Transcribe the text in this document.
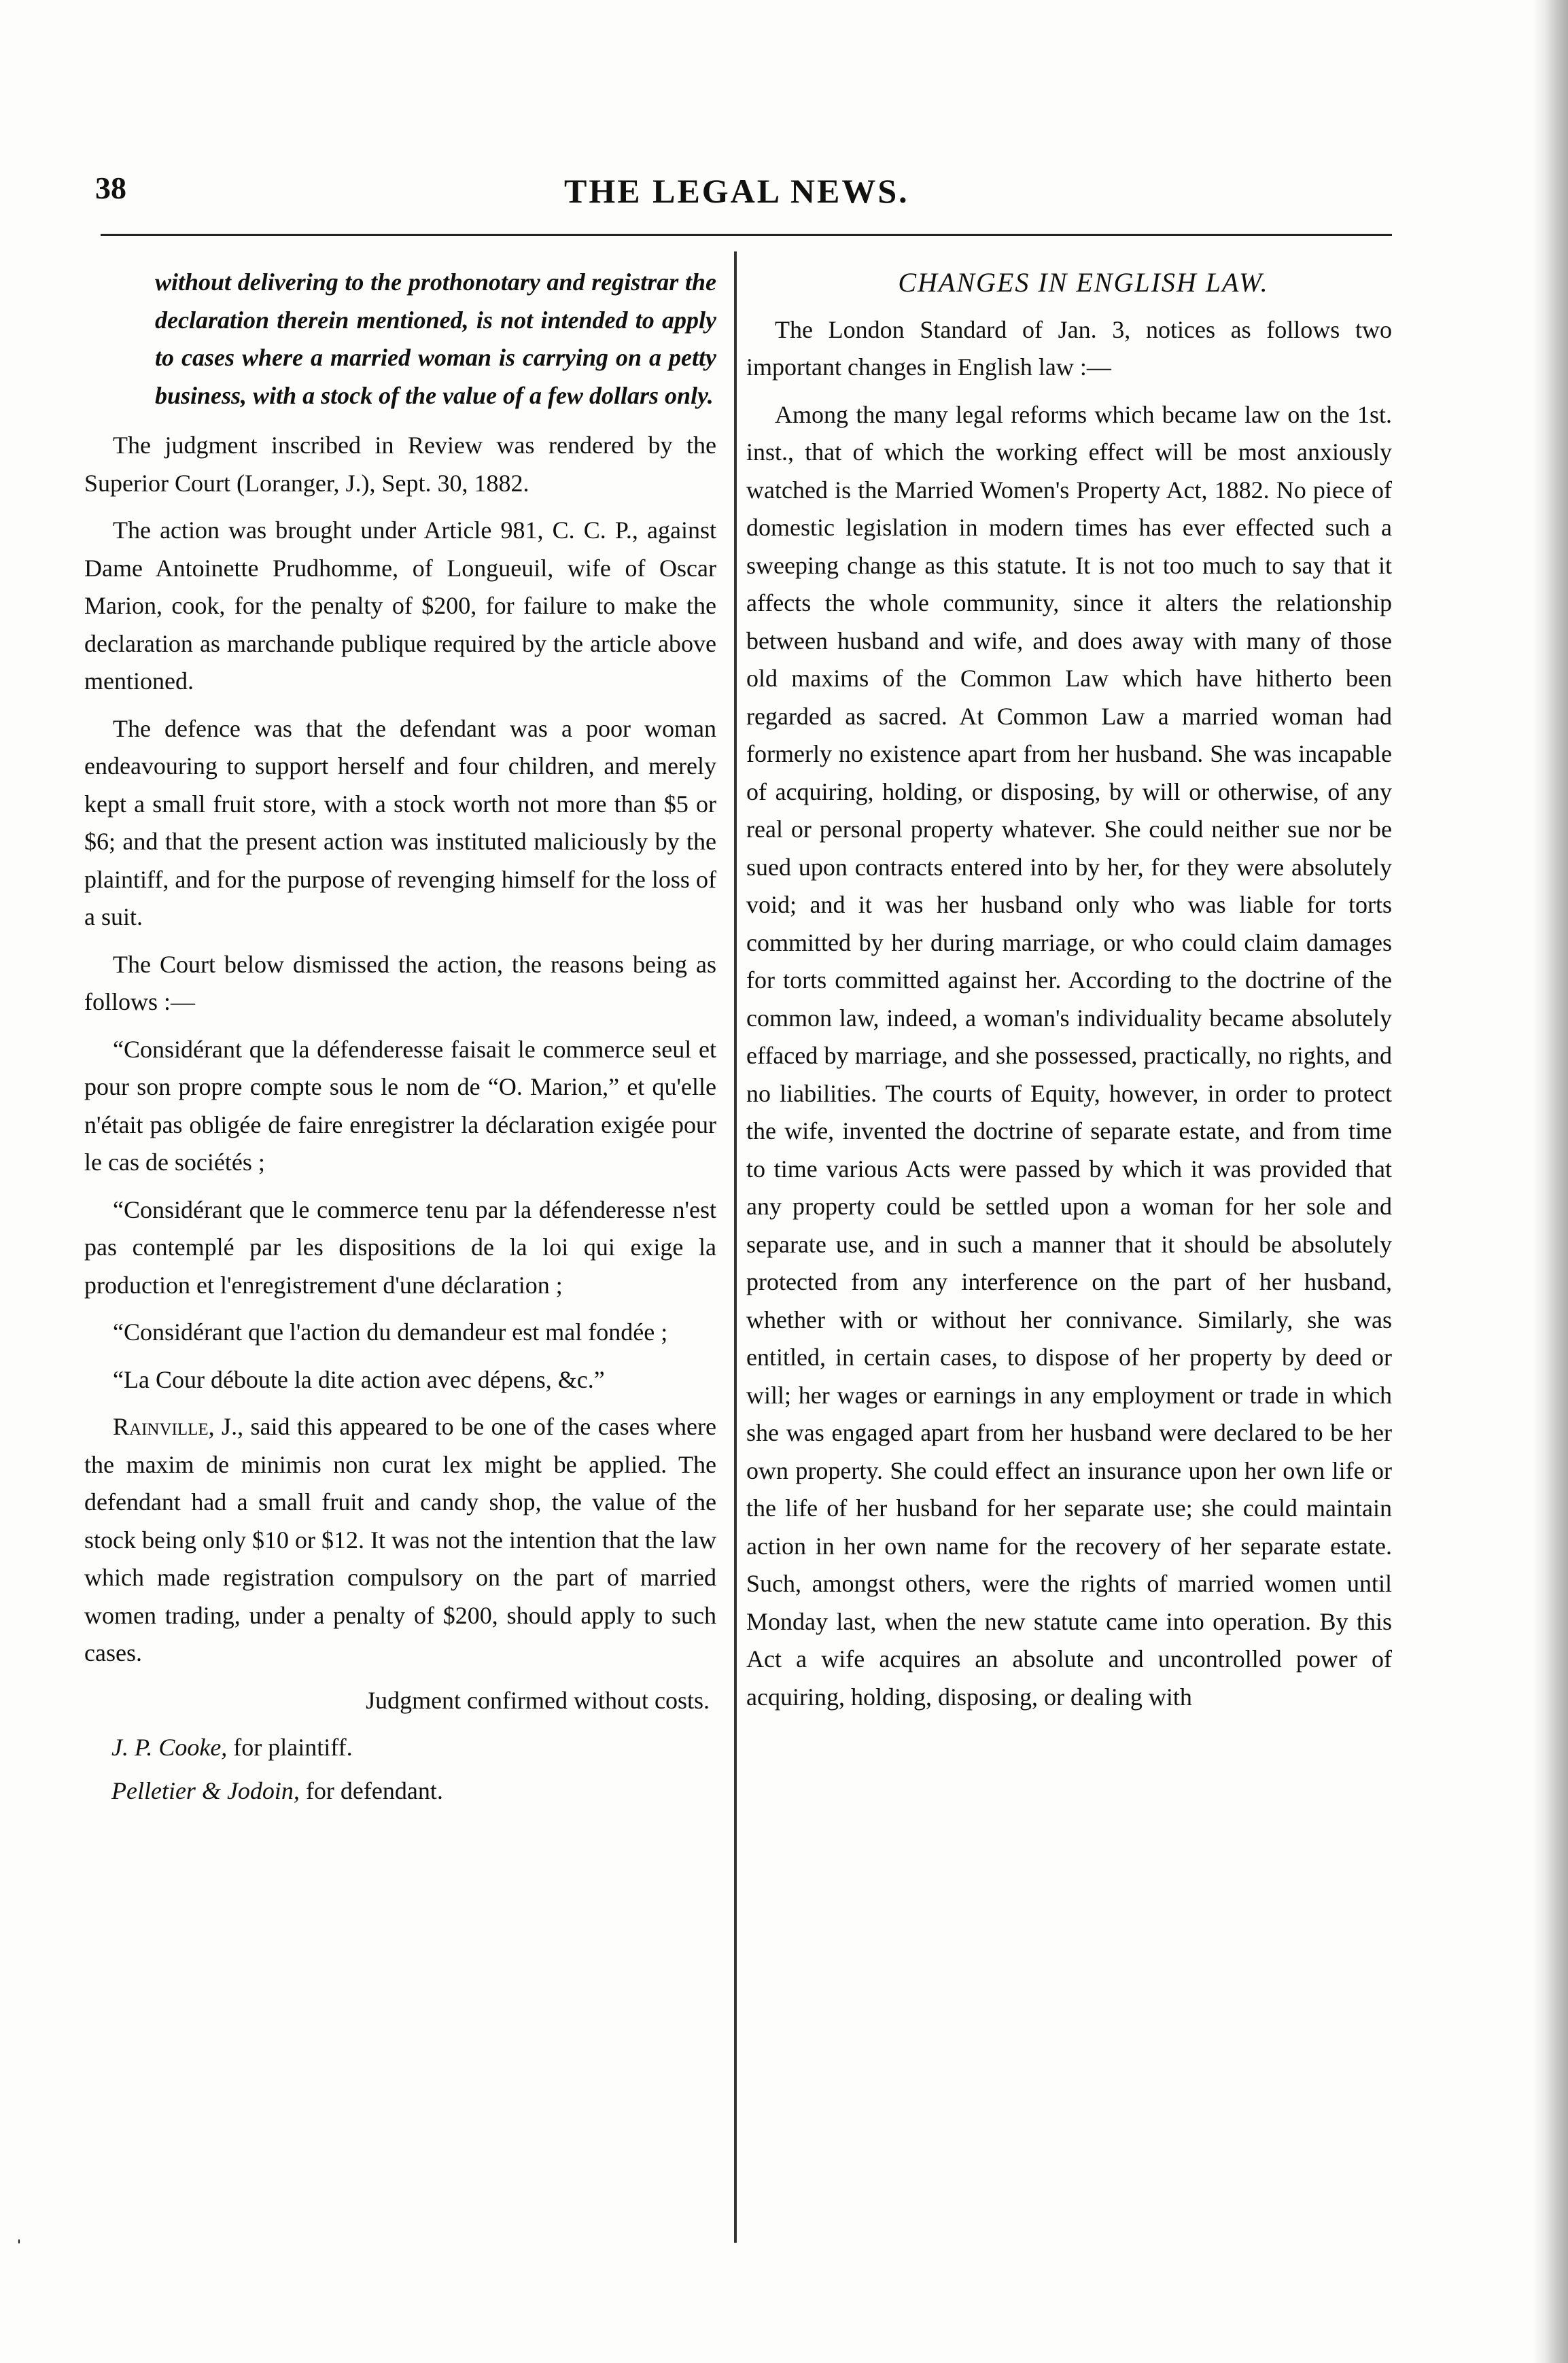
38	THE LEGAL NEWS.

without delivering to the prothonotary and registrar the declaration therein mentioned, is not intended to apply to cases where a married woman is carrying on a petty business, with a stock of the value of a few dollars only.

The judgment inscribed in Review was rendered by the Superior Court (Loranger, J.), Sept. 30, 1882.

The action was brought under Article 981, C. C. P., against Dame Antoinette Prudhomme, of Longueuil, wife of Oscar Marion, cook, for the penalty of $200, for failure to make the declaration as marchande publique required by the article above mentioned.

The defence was that the defendant was a poor woman endeavouring to support herself and four children, and merely kept a small fruit store, with a stock worth not more than $5 or $6; and that the present action was instituted maliciously by the plaintiff, and for the purpose of revenging himself for the loss of a suit.

The Court below dismissed the action, the reasons being as follows :—

“Considérant que la défenderesse faisait le commerce seul et pour son propre compte sous le nom de “O. Marion,” et qu'elle n'était pas obligée de faire enregistrer la déclaration exigée pour le cas de sociétés ;

“Considérant que le commerce tenu par la défenderesse n'est pas contemplé par les dispositions de la loi qui exige la production et l'enregistrement d'une déclaration ;

“Considérant que l'action du demandeur est mal fondée ;

“La Cour déboute la dite action avec dépens, &c.”

Rainville, J., said this appeared to be one of the cases where the maxim de minimis non curat lex might be applied. The defendant had a small fruit and candy shop, the value of the stock being only $10 or $12. It was not the intention that the law which made registration compulsory on the part of married women trading, under a penalty of $200, should apply to such cases.

Judgment confirmed without costs.

J. P. Cooke, for plaintiff.

Pelletier & Jodoin, for defendant.

ˌ

CHANGES IN ENGLISH LAW.

The London Standard of Jan. 3, notices as follows two important changes in English law :—

Among the many legal reforms which became law on the 1st. inst., that of which the working effect will be most anxiously watched is the Married Women's Property Act, 1882. No piece of domestic legislation in modern times has ever effected such a sweeping change as this statute. It is not too much to say that it affects the whole community, since it alters the relationship between husband and wife, and does away with many of those old maxims of the Common Law which have hitherto been regarded as sacred. At Common Law a married woman had formerly no existence apart from her husband. She was incapable of acquiring, holding, or disposing, by will or otherwise, of any real or personal property whatever. She could neither sue nor be sued upon contracts entered into by her, for they were absolutely void; and it was her husband only who was liable for torts committed by her during marriage, or who could claim damages for torts committed against her. According to the doctrine of the common law, indeed, a woman's individuality became absolutely effaced by marriage, and she possessed, practically, no rights, and no liabilities. The courts of Equity, however, in order to protect the wife, invented the doctrine of separate estate, and from time to time various Acts were passed by which it was provided that any property could be settled upon a woman for her sole and separate use, and in such a manner that it should be absolutely protected from any interference on the part of her husband, whether with or without her connivance. Similarly, she was entitled, in certain cases, to dispose of her property by deed or will; her wages or earnings in any employment or trade in which she was engaged apart from her husband were declared to be her own property. She could effect an insurance upon her own life or the life of her husband for her separate use; she could maintain action in her own name for the recovery of her separate estate. Such, amongst others, were the rights of married women until Monday last, when the new statute came into operation. By this Act a wife acquires an absolute and uncontrolled power of acquiring, holding, disposing, or dealing with
